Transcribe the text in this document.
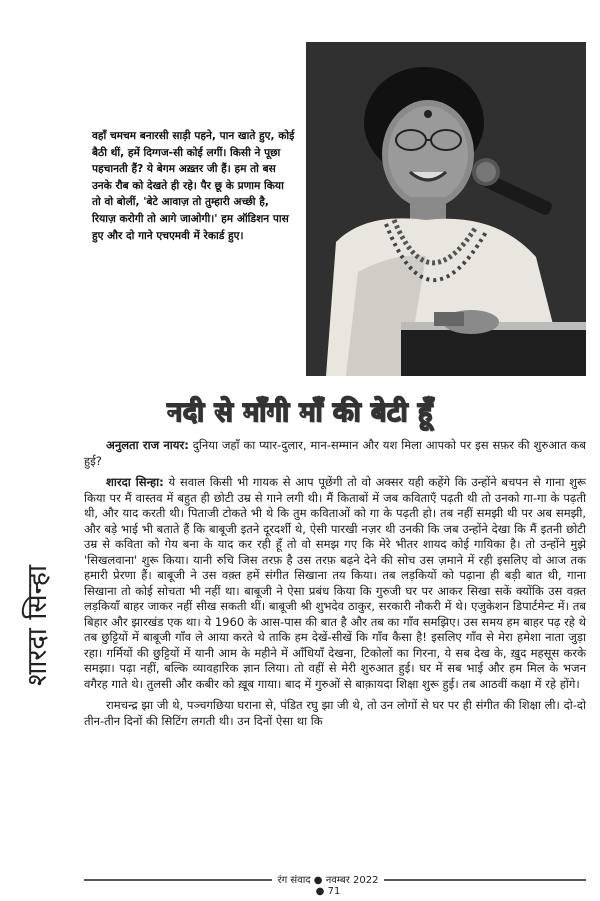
वहाँ चमचम बनारसी साड़ी पहने, पान खाते हुए, कोई बैठी थीं, हमें दिग्गज-सी कोई लगीं। किसी ने पूछा पहचानती हैं? ये बेगम अख़्तर जी हैं। हम तो बस उनके रौब को देखते ही रहे। पैर छू के प्रणाम किया तो वो बोलीं, 'बेटे आवाज़ तो तुम्हारी अच्छी है, रियाज़ करोगी तो आगे जाओगी।' हम ऑडिशन पास हुए और दो गाने एचएमवी में रेकार्ड हुए।
नदी से माँगी माँ की बेटी हूँ
शारदा सिन्हा

अनुलता राज नायर: दुनिया जहाँ का प्यार-दुलार, मान-सम्मान और यश मिला आपको पर इस सफ़र की शुरुआत कब हुई?

शारदा सिन्हा: ये सवाल किसी भी गायक से आप पूछेंगी तो वो अक्सर यही कहेंगे कि उन्होंने बचपन से गाना शुरू किया पर मैं वास्तव में बहुत ही छोटी उम्र से गाने लगी थी। मैं किताबों में जब कविताएँ पढ़ती थी तो उनको गा-गा के पढ़ती थी, और याद करती थी। पिताजी टोकते भी थे कि तुम कविताओं को गा के पढ़ती हो। तब नहीं समझी थी पर अब समझी, और बड़े भाई भी बताते हैं कि बाबूजी इतने दूरदर्शी थे, ऐसी पारखी नज़र थी उनकी कि जब उन्होंने देखा कि मैं इतनी छोटी उम्र से कविता को गेय बना के याद कर रही हूँ तो वो समझ गए कि मेरे भीतर शायद कोई गायिका है। तो उन्होंने मुझे 'सिखलवाना' शुरू किया। यानी रुचि जिस तरफ़ है उस तरफ़ बढ़ने देने की सोच उस ज़माने में रही इसलिए वो आज तक हमारी प्रेरणा हैं। बाबूजी ने उस वक़्त हमें संगीत सिखाना तय किया। तब लड़कियों को पढ़ाना ही बड़ी बात थी, गाना सिखाना तो कोई सोचता भी नहीं था। बाबूजी ने ऐसा प्रबंध किया कि गुरुजी घर पर आकर सिखा सकें क्योंकि उस वक़्त लड़कियाँ बाहर जाकर नहीं सीख सकती थीं। बाबूजी श्री शुभदेव ठाकुर, सरकारी नौकरी में थे। एजुकेशन डिपार्टमेन्ट में। तब बिहार और झारखंड एक था। ये 1960 के आस-पास की बात है और तब का गाँव समझिए। उस समय हम बाहर पढ़ रहे थे तब छुट्टियों में बाबूजी गाँव ले आया करते थे ताकि हम देखें-सीखें कि गाँव कैसा है! इसलिए गाँव से मेरा हमेशा नाता जुड़ा रहा। गर्मियों की छुट्टियों में यानी आम के महीने में आँधियाँ देखना, टिकोलों का गिरना, ये सब देख के, ख़ुद महसूस करके समझा। पढ़ा नहीं, बल्कि व्यावहारिक ज्ञान लिया। तो वहीं से मेरी शुरुआत हुई। घर में सब भाई और हम मिल के भजन वगैरह गाते थे। तुलसी और कबीर को ख़ूब गाया। बाद में गुरुओं से बाक़ायदा शिक्षा शुरू हुई। तब आठवीं कक्षा में रहे होंगे।

रामचन्द्र झा जी थे, पञ्चगछिया घराना से, पंडित रघु झा जी थे, तो उन लोगों से घर पर ही संगीत की शिक्षा ली। दो-दो तीन-तीन दिनों की सिटिंग लगती थी। उन दिनों ऐसा था कि

रंग संवाद ● नवम्बर 2022 ● 71
